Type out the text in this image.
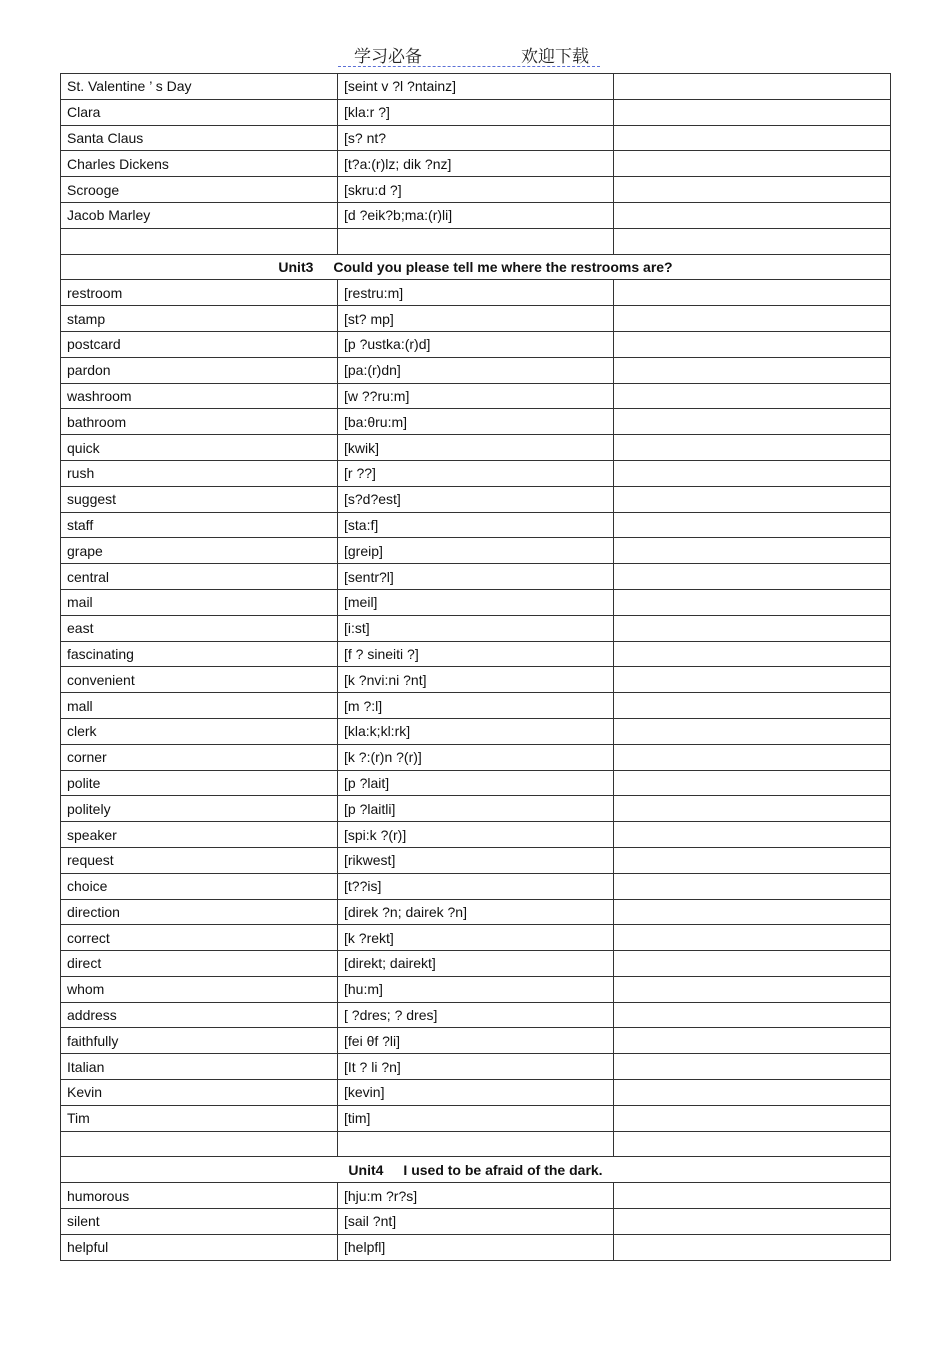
学习必备	欢迎下载
St. Valentine ’ s Day	[seint v ?l ?ntainz]	
Clara	[kla:r ?]	
Santa Claus	[s? nt?	
Charles Dickens	[t?a:(r)lz; dik ?nz]	
Scrooge	[skru:d ?]	
Jacob Marley	[d ?eik?b;ma:(r)li]	

Unit3 Could you please tell me where the restrooms are?		
restroom	[restru:m]	
stamp	[st? mp]	
postcard	[p ?ustka:(r)d]	
pardon	[pa:(r)dn]	
washroom	[w ??ru:m]	
bathroom	[ba:θru:m]	
quick	[kwik]	
rush	[r ??]	
suggest	[s?d?est]	
staff	[sta:f]	
grape	[greip]	
central	[sentr?l]	
mail	[meil]	
east	[i:st]	
fascinating	[f ? sineiti ?]	
convenient	[k ?nvi:ni ?nt]	
mall	[m ?:l]	
clerk	[kla:k;kl:rk]	
corner	[k ?:(r)n ?(r)]	
polite	[p ?lait]	
politely	[p ?laitli]	
speaker	[spi:k ?(r)]	
request	[rikwest]	
choice	[t??is]	
direction	[direk ?n; dairek ?n]	
correct	[k ?rekt]	
direct	[direkt; dairekt]	
whom	[hu:m]	
address	[ ?dres; ? dres]	
faithfully	[fei θf ?li]	
Italian	[It ? li ?n]	
Kevin	[kevin]	
Tim	[tim]	

Unit4 I used to be afraid of the dark.		
humorous	[hju:m ?r?s]	
silent	[sail ?nt]	
helpful	[helpfl]	
